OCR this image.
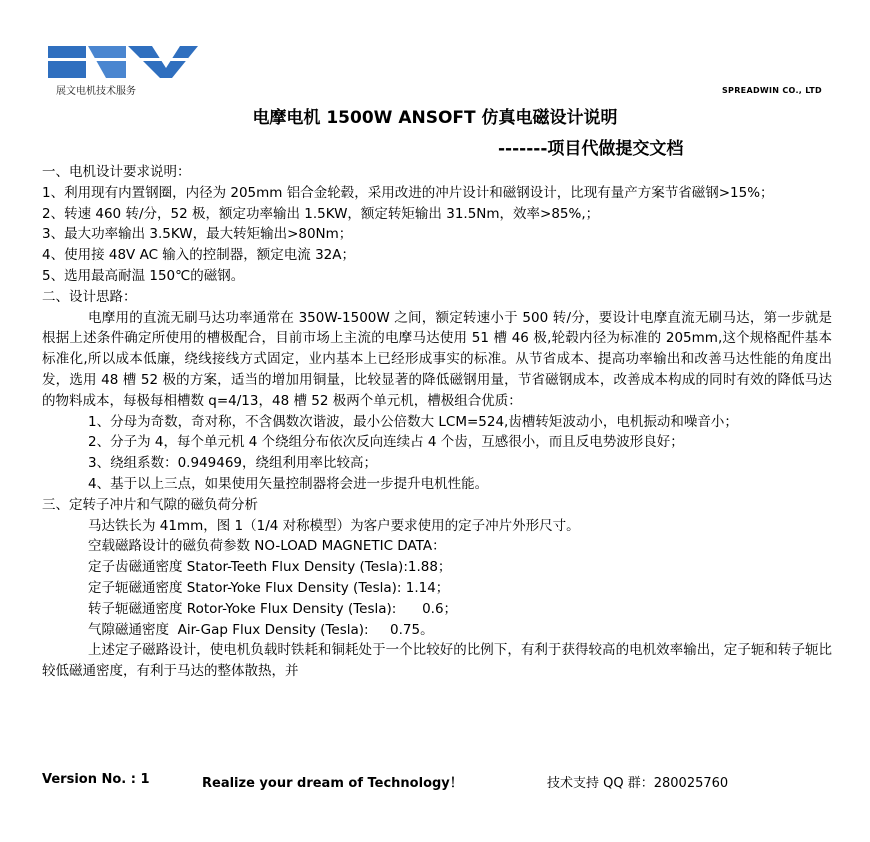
展文电机技术服务	SPREADWIN CO., LTD
电摩电机 1500W ANSOFT 仿真电磁设计说明
-------项目代做提交文档

一、电机设计要求说明：

1、利用现有内置钢圈，内径为 205mm 铝合金轮毂，采用改进的冲片设计和磁钢设计，比现有量产方案节省磁钢>15%；

2、转速 460 转/分，52 极，额定功率输出 1.5KW，额定转矩输出 31.5Nm，效率>85%,；

3、最大功率输出 3.5KW，最大转矩输出>80Nm；

4、使用接 48V AC 输入的控制器，额定电流 32A；

5、选用最高耐温 150℃的磁钢。

二、设计思路：

电摩用的直流无刷马达功率通常在 350W-1500W 之间，额定转速小于 500 转/分，要设计电摩直流无刷马达，第一步就是根据上述条件确定所使用的槽极配合，目前市场上主流的电摩马达使用 51 槽 46 极,轮毂内径为标准的 205mm,这个规格配件基本标准化,所以成本低廉，绕线接线方式固定，业内基本上已经形成事实的标准。从节省成本、提高功率输出和改善马达性能的角度出发，选用 48 槽 52 极的方案，适当的增加用铜量，比较显著的降低磁钢用量，节省磁钢成本，改善成本构成的同时有效的降低马达的物料成本，每极每相槽数 q=4/13，48 槽 52 极两个单元机，槽极组合优质：

1、分母为奇数，奇对称，不含偶数次谐波，最小公倍数大 LCM=524,齿槽转矩波动小，电机振动和噪音小；

2、分子为 4，每个单元机 4 个绕组分布依次反向连续占 4 个齿，互感很小，而且反电势波形良好；

3、绕组系数：0.949469，绕组利用率比较高；

4、基于以上三点，如果使用矢量控制器将会进一步提升电机性能。

三、定转子冲片和气隙的磁负荷分析

马达铁长为 41mm，图 1（1/4 对称模型）为客户要求使用的定子冲片外形尺寸。

空载磁路设计的磁负荷参数 NO-LOAD MAGNETIC DATA：

定子齿磁通密度 Stator-Teeth Flux Density (Tesla):1.88；

定子轭磁通密度 Stator-Yoke Flux Density (Tesla): 1.14；

转子轭磁通密度 Rotor-Yoke Flux Density (Tesla):      0.6；

气隙磁通密度  Air-Gap Flux Density (Tesla):     0.75。

上述定子磁路设计，使电机负载时铁耗和铜耗处于一个比较好的比例下，有利于获得较高的电机效率输出，定子轭和转子轭比较低磁通密度，有利于马达的整体散热，并

Version No. : 1	Realize your dream of Technology！	技术支持 QQ 群：280025760
